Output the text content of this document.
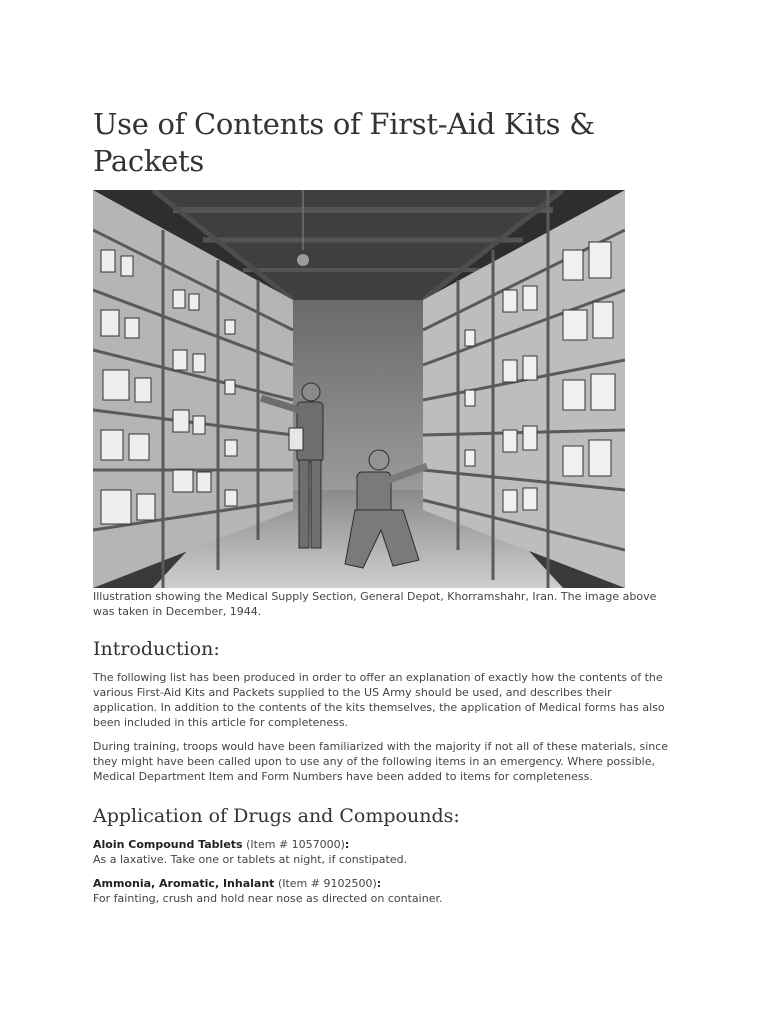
Use of Contents of First-Aid Kits & Packets

Illustration showing the Medical Supply Section, General Depot, Khorramshahr, Iran. The image above was taken in December, 1944.

Introduction:

The following list has been produced in order to offer an explanation of exactly how the contents of the various First-Aid Kits and Packets supplied to the US Army should be used, and describes their application. In addition to the contents of the kits themselves, the application of Medical forms has also been included in this article for completeness.

During training, troops would have been familiarized with the majority if not all of these materials, since they might have been called upon to use any of the following items in an emergency. Where possible, Medical Department Item and Form Numbers have been added to items for completeness.

Application of Drugs and Compounds:
Aloin Compound Tablets (Item # 1057000):
As a laxative. Take one or tablets at night, if constipated.
Ammonia, Aromatic, Inhalant (Item # 9102500):
For fainting, crush and hold near nose as directed on container.
